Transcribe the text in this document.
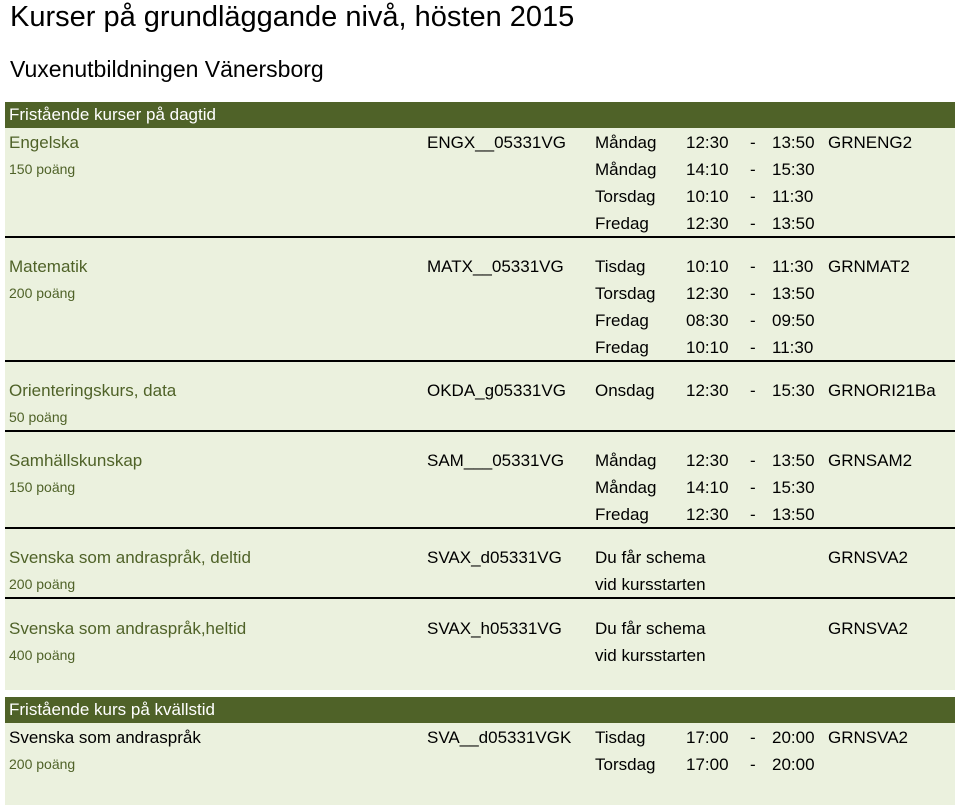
Kurser på grundläggande nivå, hösten 2015
Vuxenutbildningen Vänersborg
Fristående kurser på dagtid
Engelska	ENGX__05331VG Måndag 12:30 - 13:50 GRNENG2
150 poäng	Måndag 14:10 - 15:30
Torsdag 10:10 - 11:30
Fredag 12:30 - 13:50
Matematik	MATX__05331VG Tisdag 10:10 - 11:30 GRNMAT2
200 poäng	Torsdag 12:30 - 13:50
Fredag 08:30 - 09:50
Fredag 10:10 - 11:30
Orienteringskurs, data	OKDA_g05331VG Onsdag 12:30 - 15:30 GRNORI21Ba
50 poäng
Samhällskunskap	SAM___05331VG Måndag 12:30 - 13:50 GRNSAM2
150 poäng	Måndag 14:10 - 15:30
Fredag 12:30 - 13:50
Svenska som andraspråk, deltid	SVAX_d05331VG Du får schema	GRNSVA2
200 poäng	vid kursstarten
Svenska som andraspråk,heltid	SVAX_h05331VG Du får schema	GRNSVA2
400 poäng	vid kursstarten
Fristående kurs på kvällstid
Svenska som andraspråk	SVA__d05331VGK Tisdag 17:00 - 20:00 GRNSVA2
200 poäng	Torsdag 17:00 - 20:00
